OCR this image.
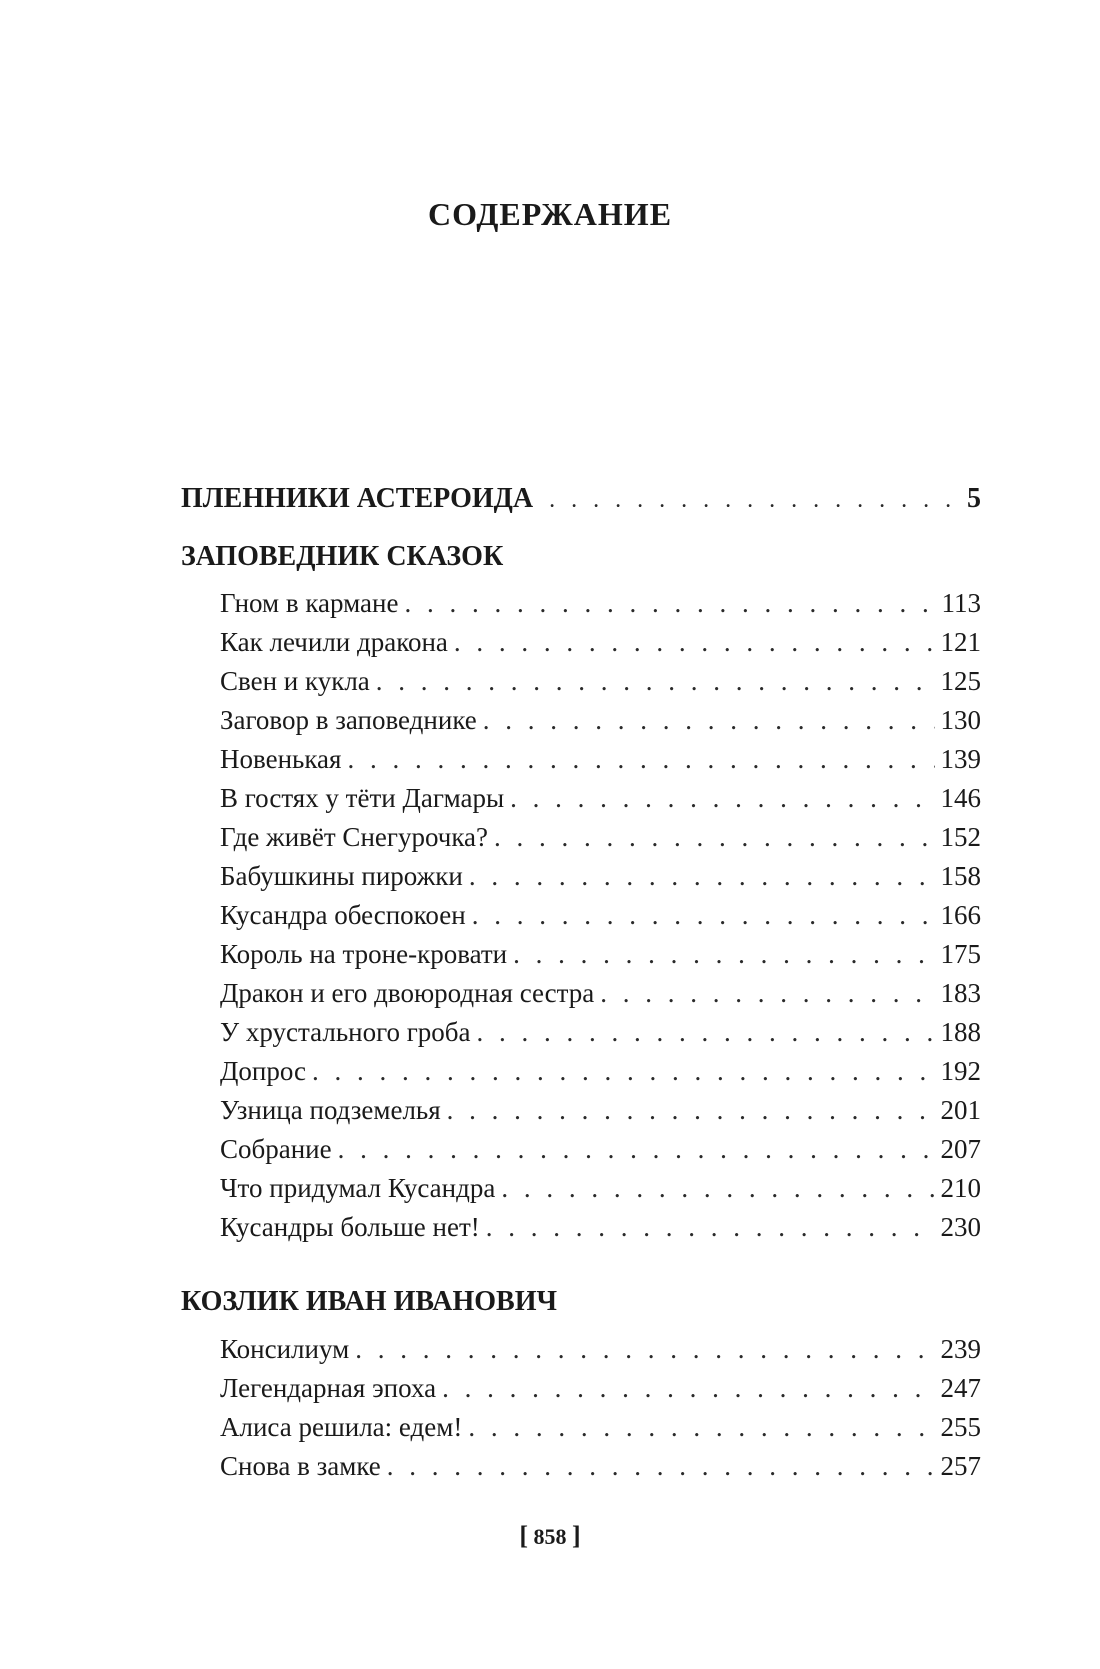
СОДЕРЖАНИЕ
ПЛЕННИКИ АСТЕРОИДА . . .	5
ЗАПОВЕДНИК СКАЗОК
Гном в кармане . . .	113
Как лечили дракона . . .	121
Свен и кукла . . .	125
Заговор в заповеднике . . .	130
Новенькая . . .	139
В гостях у тёти Дагмары . . .	146
Где живёт Снегурочка? . . .	152
Бабушкины пирожки . . .	158
Кусандра обеспокоен . . .	166
Король на троне-кровати . . .	175
Дракон и его двоюродная сестра . . .	183
У хрустального гроба . . .	188
Допрос . . .	192
Узница подземелья . . .	201
Собрание . . .	207
Что придумал Кусандра . . .	210
Кусандры больше нет! . . .	230
КОЗЛИК ИВАН ИВАНОВИЧ
Консилиум . . .	239
Легендарная эпоха . . .	247
Алиса решила: едем! . . .	255
Снова в замке . . .	257
[ 858 ]
